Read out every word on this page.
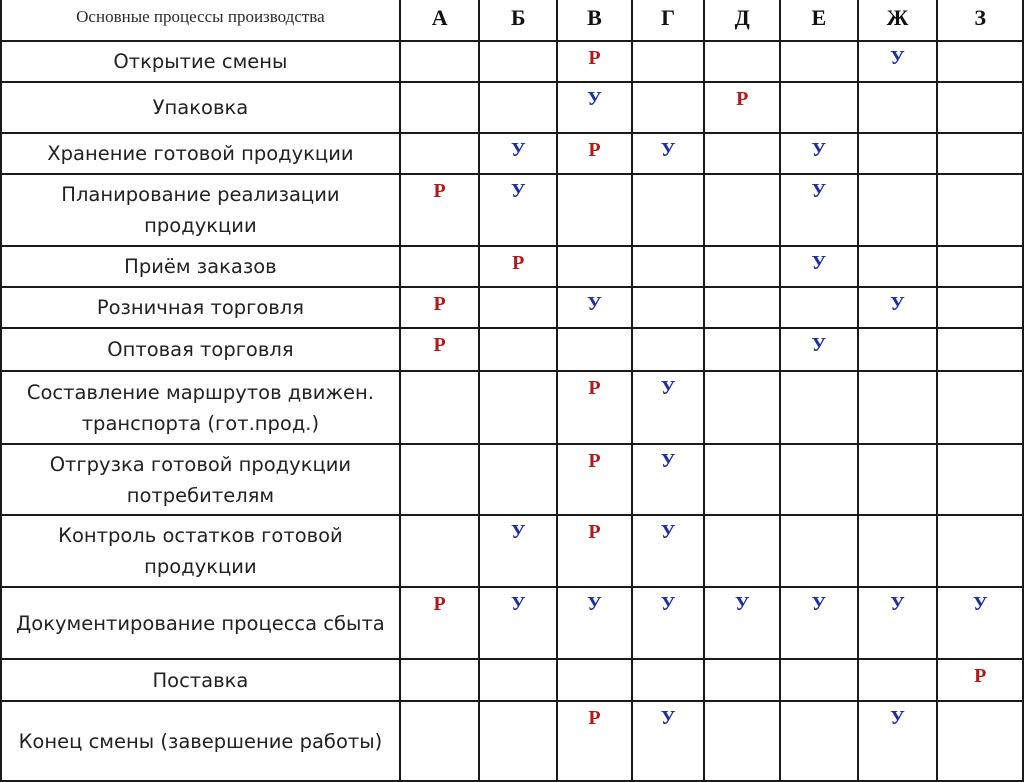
Основные процессы производства	А	Б	В	Г	Д	Е	Ж	З
Открытие смены			Р				У	
Упаковка			У		Р			
Хранение готовой продукции		У	Р	У		У		
Планирование реализации продукции	Р	У				У		
Приём заказов		Р				У		
Розничная торговля	Р		У				У	
Оптовая торговля	Р					У		
Составление маршрутов движен. транспорта (гот.прод.)			Р	У				
Отгрузка готовой продукции потребителям			Р	У				
Контроль остатков готовой продукции		У	Р	У				
Документирование процесса сбыта	Р	У	У	У	У	У	У	У
Поставка								Р
Конец смены (завершение работы)			Р	У			У	
